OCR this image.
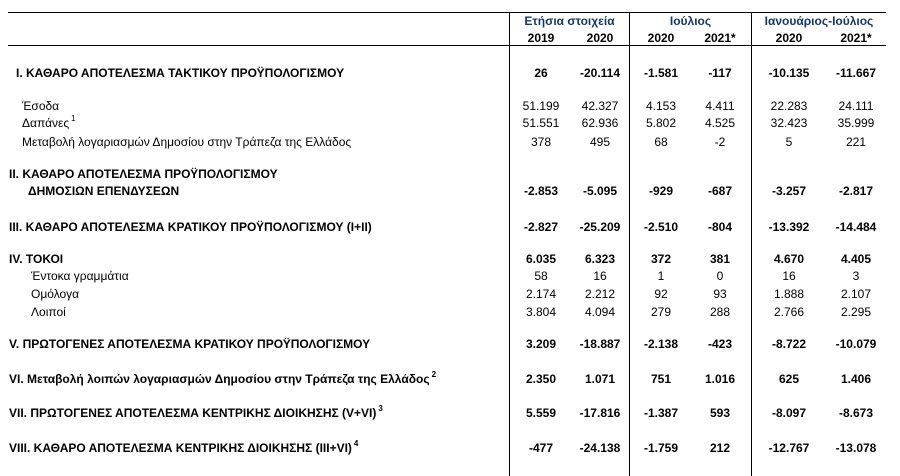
Ετήσια στοιχεία	Ιούλιος	Ιανουάριος-Ιούλιος
2019	2020	2020	2021*	2020	2021*
Ι. ΚΑΘΑΡΟ ΑΠΟΤΕΛΕΣΜΑ ΤΑΚΤΙΚΟΥ ΠΡΟΫΠΟΛΟΓΙΣΜΟΥ	26	-20.114	-1.581	-117	-10.135	-11.667
Έσοδα	51.199	42.327	4.153	4.411	22.283	24.111
Δαπάνες $^1$	51.551	62.936	5.802	4.525	32.423	35.999
Μεταβολή λογαριασμών Δημοσίου στην Τράπεζα της Ελλάδος	378	495	68	-2	5	221
ΙΙ. ΚΑΘΑΡΟ ΑΠΟΤΕΛΕΣΜΑ ΠΡΟΫΠΟΛΟΓΙΣΜΟΥ
ΔΗΜΟΣΙΩΝ ΕΠΕΝΔΥΣΕΩΝ	-2.853	-5.095	-929	-687	-3.257	-2.817
ΙΙΙ. ΚΑΘΑΡΟ ΑΠΟΤΕΛΕΣΜΑ ΚΡΑΤΙΚΟΥ ΠΡΟΫΠΟΛΟΓΙΣΜΟΥ (Ι+ΙΙ)	-2.827	-25.209	-2.510	-804	-13.392	-14.484
ΙV. ΤΟΚΟΙ	6.035	6.323	372	381	4.670	4.405
Έντοκα γραμμάτια	58	16	1	0	16	3
Ομόλογα	2.174	2.212	92	93	1.888	2.107
Λοιποί	3.804	4.094	279	288	2.766	2.295
V. ΠΡΩΤΟΓΕΝΕΣ ΑΠΟΤΕΛΕΣΜΑ ΚΡΑΤΙΚΟΥ ΠΡΟΫΠΟΛΟΓΙΣΜΟΥ	3.209	-18.887	-2.138	-423	-8.722	-10.079
VΙ. Μεταβολή λοιπών λογαριασμών Δημοσίου στην Τράπεζα της Ελλάδος $^2$	2.350	1.071	751	1.016	625	1.406
VΙΙ. ΠΡΩΤΟΓΕΝΕΣ ΑΠΟΤΕΛΕΣΜΑ ΚΕΝΤΡΙΚΗΣ ΔΙΟΙΚΗΣΗΣ (V+VI) $^3$	5.559	-17.816	-1.387	593	-8.097	-8.673
VΙΙΙ. ΚΑΘΑΡΟ ΑΠΟΤΕΛΕΣΜΑ ΚΕΝΤΡΙΚΗΣ ΔΙΟΙΚΗΣΗΣ (ΙΙΙ+VΙ) $^4$	-477	-24.138	-1.759	212	-12.767	-13.078
